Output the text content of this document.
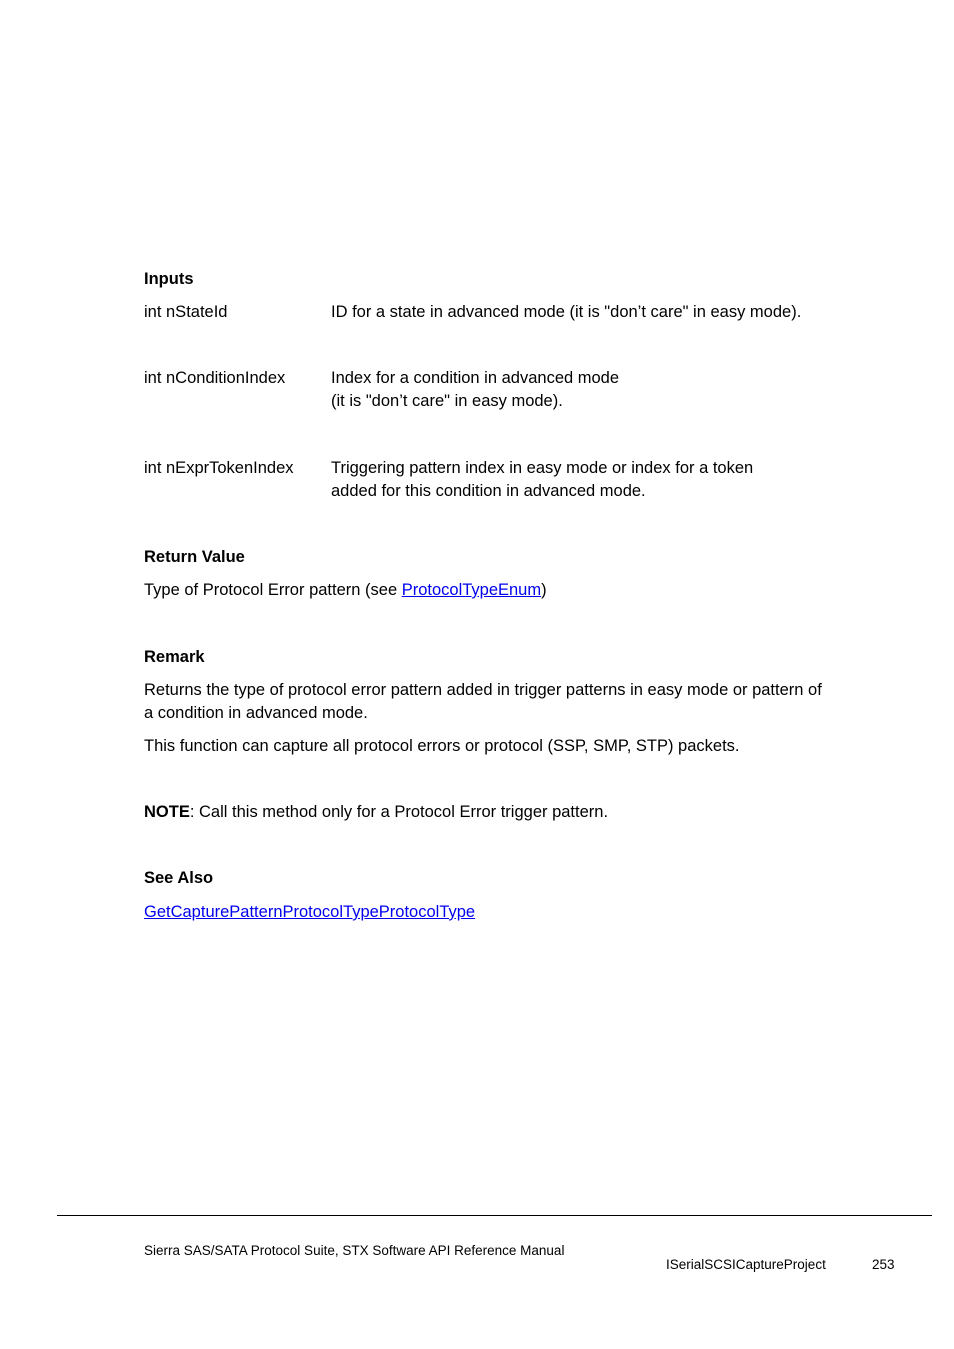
Inputs
int nStateId	ID for a state in advanced mode (it is "don’t care" in easy mode).
int nConditionIndex	Index for a condition in advanced mode
(it is "don’t care" in easy mode).
int nExprTokenIndex Triggering pattern index in easy mode or index for a token
added for this condition in advanced mode.
Return Value
Type of Protocol Error pattern (see ProtocolTypeEnum)
Remark
Returns the type of protocol error pattern added in trigger patterns in easy mode or pattern of
a condition in advanced mode.
This function can capture all protocol errors or protocol (SSP, SMP, STP) packets.
NOTE: Call this method only for a Protocol Error trigger pattern.
See Also
GetCapturePatternProtocolTypeProtocolType
Sierra SAS/SATA Protocol Suite, STX Software API Reference Manual
ISerialSCSICaptureProject	253
